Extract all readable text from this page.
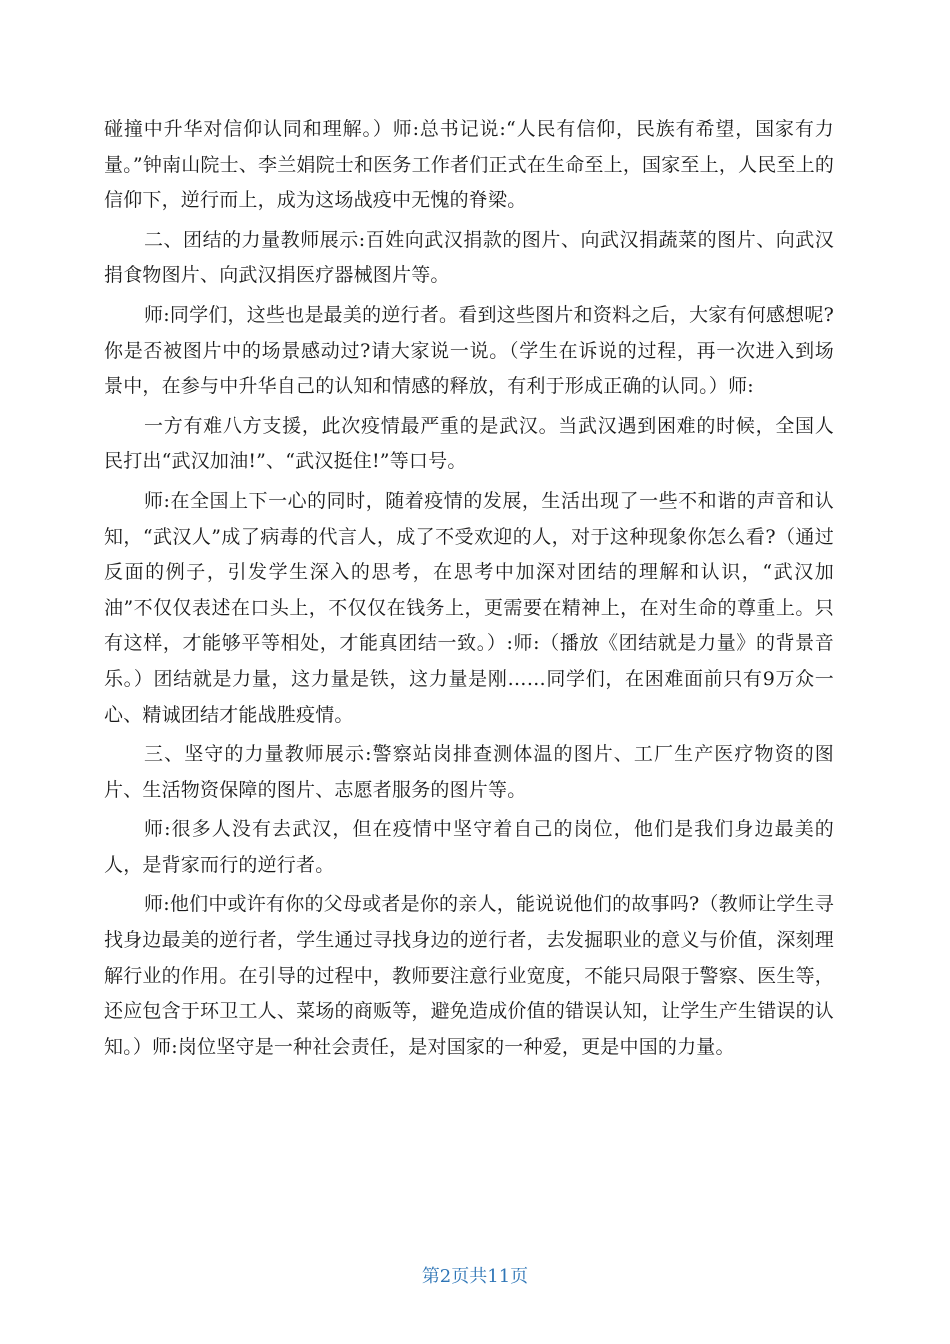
碰撞中升华对信仰认同和理解。）师:总书记说:“人民有信仰，民族有希望，国家有力量。”钟南山院士、李兰娟院士和医务工作者们正式在生命至上，国家至上，人民至上的信仰下，逆行而上，成为这场战疫中无愧的脊梁。

二、团结的力量教师展示:百姓向武汉捐款的图片、向武汉捐蔬菜的图片、向武汉捐食物图片、向武汉捐医疗器械图片等。

师:同学们，这些也是最美的逆行者。看到这些图片和资料之后，大家有何感想呢?你是否被图片中的场景感动过?请大家说一说。（学生在诉说的过程，再一次进入到场景中，在参与中升华自己的认知和情感的释放，有利于形成正确的认同。）师:

一方有难八方支援，此次疫情最严重的是武汉。当武汉遇到困难的时候，全国人民打出“武汉加油!”、“武汉挺住!”等口号。

师:在全国上下一心的同时，随着疫情的发展，生活出现了一些不和谐的声音和认知，“武汉人”成了病毒的代言人，成了不受欢迎的人，对于这种现象你怎么看?（通过反面的例子，引发学生深入的思考，在思考中加深对团结的理解和认识，“武汉加油”不仅仅表述在口头上，不仅仅在钱务上，更需要在精神上，在对生命的尊重上。只有这样，才能够平等相处，才能真团结一致。）:师:（播放《团结就是力量》的背景音乐。）团结就是力量，这力量是铁，这力量是刚……同学们，在困难面前只有9万众一心、精诚团结才能战胜疫情。

三、坚守的力量教师展示:警察站岗排查测体温的图片、工厂生产医疗物资的图片、生活物资保障的图片、志愿者服务的图片等。

师:很多人没有去武汉，但在疫情中坚守着自己的岗位，他们是我们身边最美的人，是背家而行的逆行者。

师:他们中或许有你的父母或者是你的亲人，能说说他们的故事吗?（教师让学生寻找身边最美的逆行者，学生通过寻找身边的逆行者，去发掘职业的意义与价值，深刻理解行业的作用。在引导的过程中，教师要注意行业宽度，不能只局限于警察、医生等，还应包含于环卫工人、菜场的商贩等，避免造成价值的错误认知，让学生产生错误的认知。）师:岗位坚守是一种社会责任，是对国家的一种爱，更是中国的力量。

第2页共11页
